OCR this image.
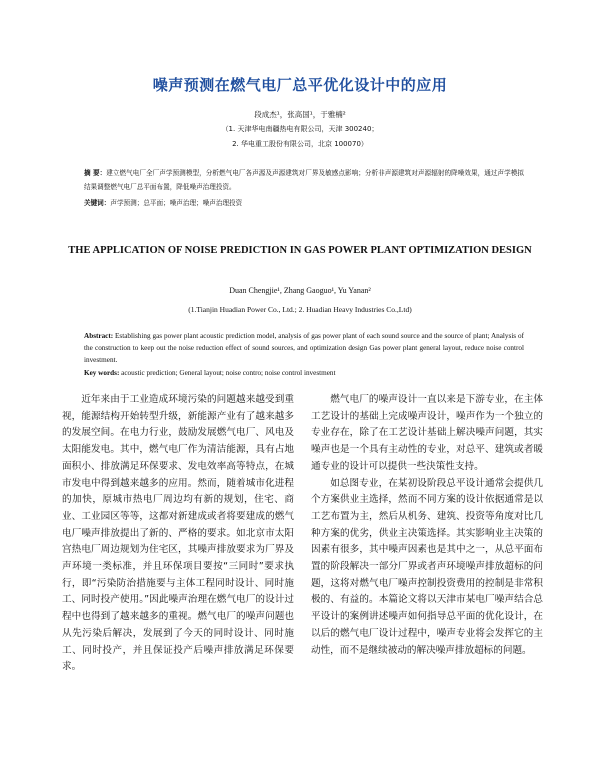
噪声预测在燃气电厂总平优化设计中的应用
段成杰¹，张高国¹，于雅楠²
（1. 天津华电南疆热电有限公司，天津 300240；
2. 华电重工股份有限公司，北京 100070）
摘 要：建立燃气电厂全厂声学预测模型，分析燃气电厂各声源及声源建筑对厂界及敏感点影响；分析非声源建筑对声源辐射的降噪效果，通过声学模拟结果调整燃气电厂总平面布置，降低噪声治理投资。
关键词：声学预测；总平面；噪声治理；噪声治理投资
THE APPLICATION OF NOISE PREDICTION IN GAS POWER PLANT OPTIMIZATION DESIGN
Duan Chengjie¹, Zhang Gaoguo¹, Yu Yanan²
(1.Tianjin Huadian Power Co., Ltd.; 2. Huadian Heavy Industries Co.,Ltd)
Abstract: Establishing gas power plant acoustic prediction model, analysis of gas power plant of each sound source and the source of plant; Analysis of the construction to keep out the noise reduction effect of sound sources, and optimization design Gas power plant general layout, reduce noise control investment.
Key words: acoustic prediction; General layout; noise contro; noise control investment

近年来由于工业造成环境污染的问题越来越受到重视，能源结构开始转型升级，新能源产业有了越来越多的发展空间。在电力行业，鼓励发展燃气电厂、风电及太阳能发电。其中，燃气电厂作为清洁能源，具有占地面积小、排放满足环保要求、发电效率高等特点，在城市发电中得到越来越多的应用。然而，随着城市化进程的加快，原城市热电厂周边均有新的规划，住宅、商业、工业园区等等，这都对新建成或者将要建成的燃气电厂噪声排放提出了新的、严格的要求。如北京市太阳宫热电厂周边规划为住宅区，其噪声排放要求为厂界及声环境一类标准，并且环保项目要按“三同时”要求执行，即“污染防治措施要与主体工程同时设计、同时施工、同时投产使用。”因此噪声治理在燃气电厂的设计过程中也得到了越来越多的重视。燃气电厂的噪声问题也从先污染后解决，发展到了今天的同时设计、同时施工、同时投产，并且保证投产后噪声排放满足环保要求。

燃气电厂的噪声设计一直以来是下游专业，在主体工艺设计的基础上完成噪声设计，噪声作为一个独立的专业存在，除了在工艺设计基础上解决噪声问题，其实噪声也是一个具有主动性的专业，对总平、建筑或者暖通专业的设计可以提供一些決策性支持。

如总图专业，在某初设阶段总平设计通常会提供几个方案供业主选择，然而不同方案的设计依据通常是以工艺布置为主，然后从机务、建筑、投资等角度对比几种方案的优劣，供业主决策选择。其实影响业主决策的因素有很多，其中噪声因素也是其中之一，从总平面布置的阶段解决一部分厂界或者声环境噪声排放超标的问题，这将对燃气电厂噪声控制投资费用的控制是非常积极的、有益的。本篇论文将以天津市某电厂噪声结合总平设计的案例讲述噪声如何指导总平面的优化设计，在以后的燃气电厂设计过程中，噪声专业将会发挥它的主动性，而不是继续被动的解决噪声排放超标的问题。
